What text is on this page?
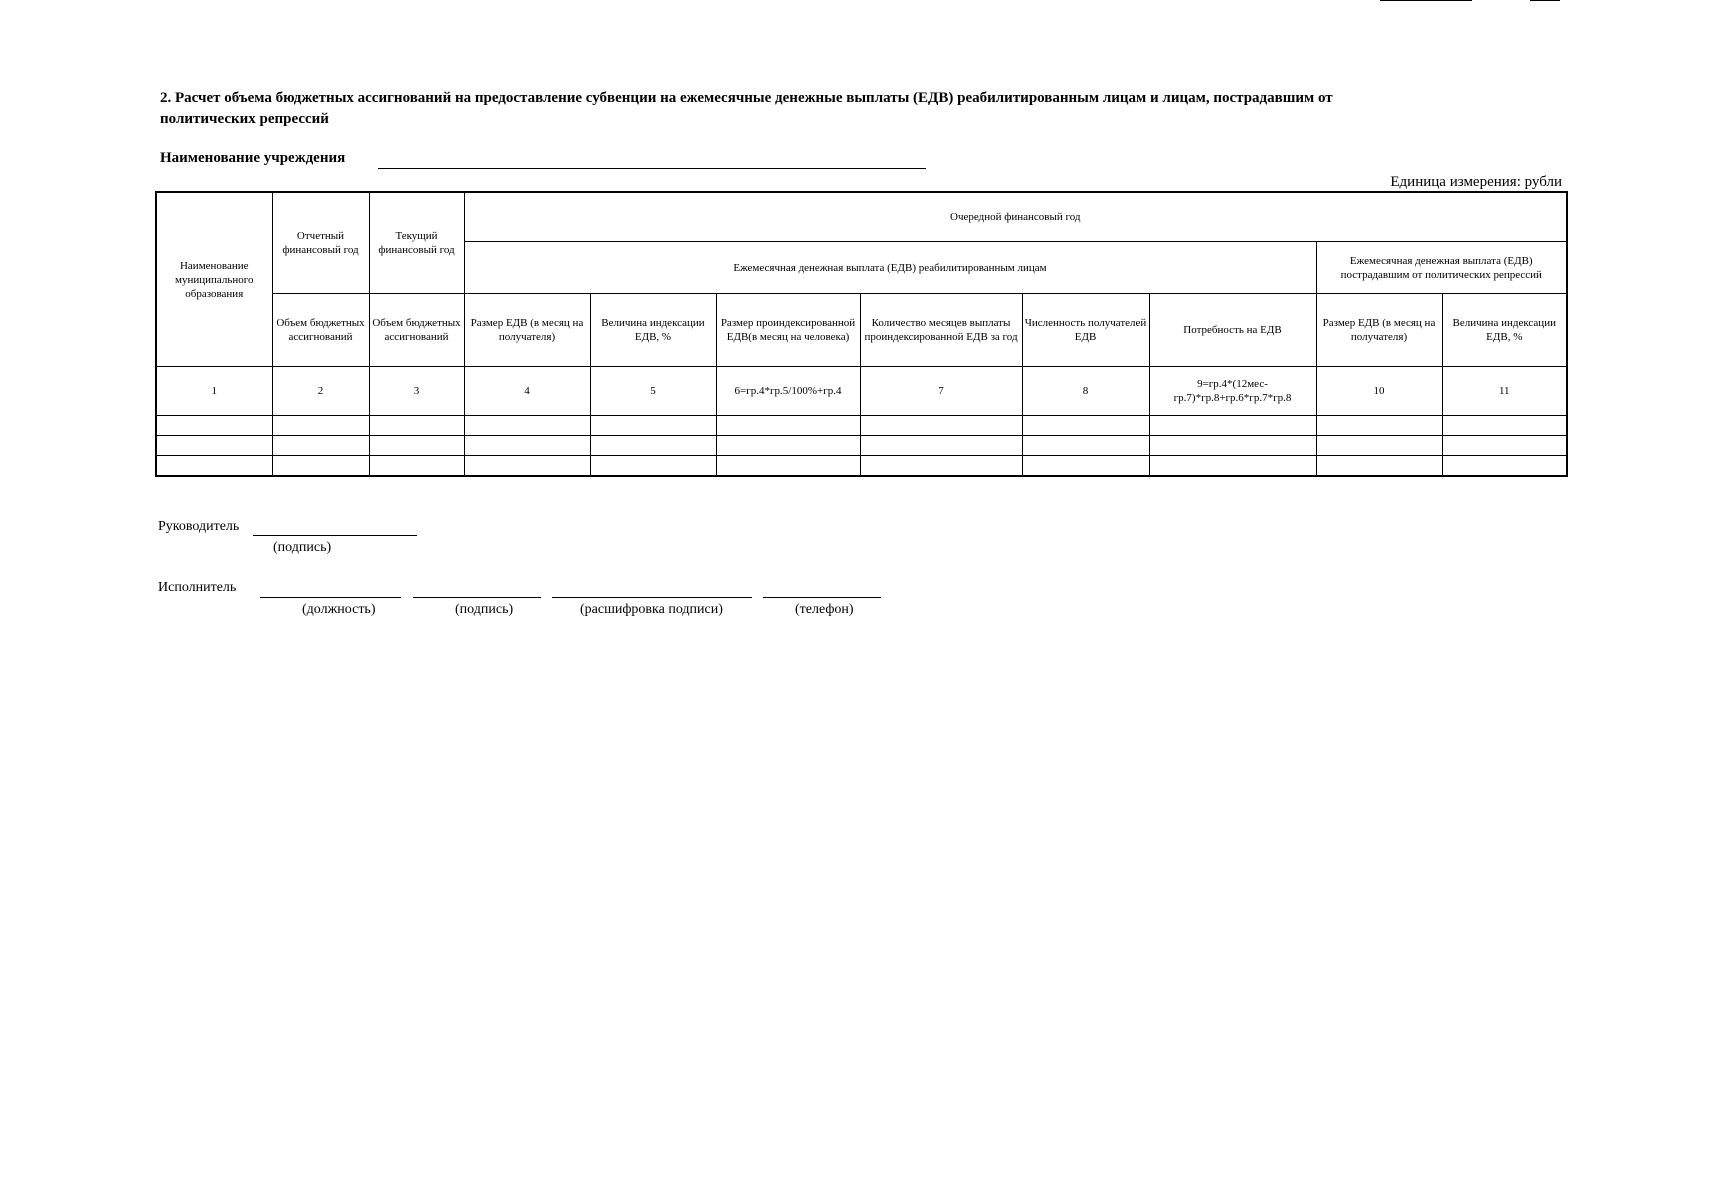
2. Расчет объема бюджетных ассигнований на предоставление субвенции на ежемесячные денежные выплаты (ЕДВ) реабилитированным лицам и лицам, пострадавшим от политических репрессий
Наименование учреждения
Единица измерения: рубли
Наименование муниципального образования	Отчетный финансовый год	Текущий финансовый год	Очередной финансовый год							
			Ежемесячная денежная выплата (ЕДВ) реабилитированным лицам						Ежемесячная денежная выплата (ЕДВ) пострадавшим от политических репрессий	
	Объем бюджетных ассигнований	Объем бюджетных ассигнований	Размер ЕДВ (в месяц на получателя)	Величина индексации ЕДВ, %	Размер проиндексированной ЕДВ(в месяц на человека)	Количество месяцев выплаты проиндексированной ЕДВ за год	Численность получателей ЕДВ	Потребность на ЕДВ	Размер ЕДВ (в месяц на получателя)	Величина индексации ЕДВ, %
1	2	3	4	5	6=гр.4*гр.5/100%+гр.4	7	8	9=гр.4*(12мес-гр.7)*гр.8+гр.6*гр.7*гр.8	10	11

Руководитель
(подпись)
Исполнитель
(должность)	(подпись)	(расшифровка подписи)	(телефон)
